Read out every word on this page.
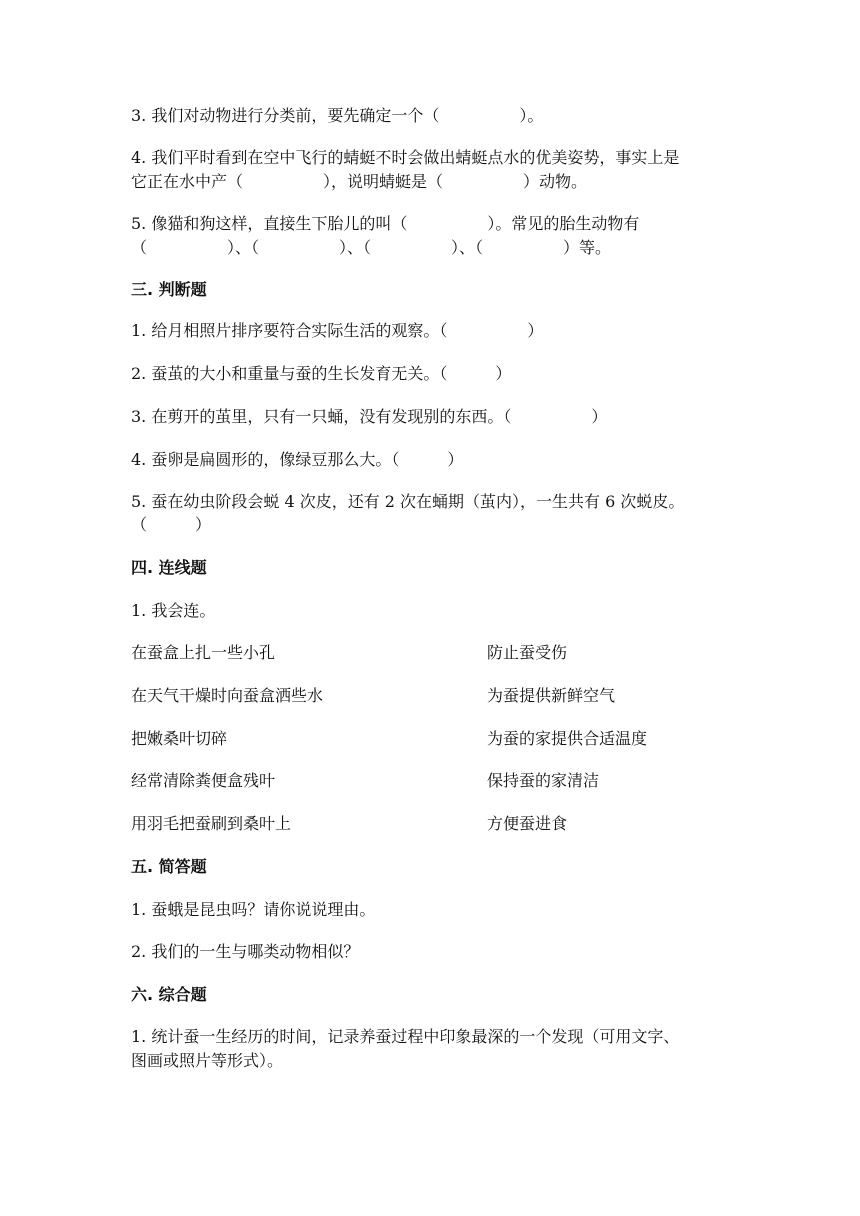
3. 我们对动物进行分类前，要先确定一个（　　　　　）。
4. 我们平时看到在空中飞行的蜻蜓不时会做出蜻蜓点水的优美姿势，事实上是
它正在水中产（　　　　　），说明蜻蜓是（　　　　　）动物。
5. 像猫和狗这样，直接生下胎儿的叫（　　　　　）。常见的胎生动物有
（　　　　　）、（　　　　　）、（　　　　　）、（　　　　　）等。
三. 判断题
1. 给月相照片排序要符合实际生活的观察。（　　　　　）
2. 蚕茧的大小和重量与蚕的生长发育无关。（　　　）
3. 在剪开的茧里，只有一只蛹，没有发现别的东西。（　　　　　）
4. 蚕卵是扁圆形的，像绿豆那么大。（　　　）
5. 蚕在幼虫阶段会蜕 4 次皮，还有 2 次在蛹期（茧内），一生共有 6 次蜕皮。
（　　　）
四. 连线题
1. 我会连。
在蚕盒上扎一些小孔	防止蚕受伤
在天气干燥时向蚕盒洒些水	为蚕提供新鲜空气
把嫩桑叶切碎	为蚕的家提供合适温度
经常清除粪便盒残叶	保持蚕的家清洁
用羽毛把蚕刷到桑叶上	方便蚕进食
五. 简答题
1. 蚕蛾是昆虫吗？请你说说理由。
2. 我们的一生与哪类动物相似？
六. 综合题
1. 统计蚕一生经历的时间，记录养蚕过程中印象最深的一个发现（可用文字、
图画或照片等形式）。
